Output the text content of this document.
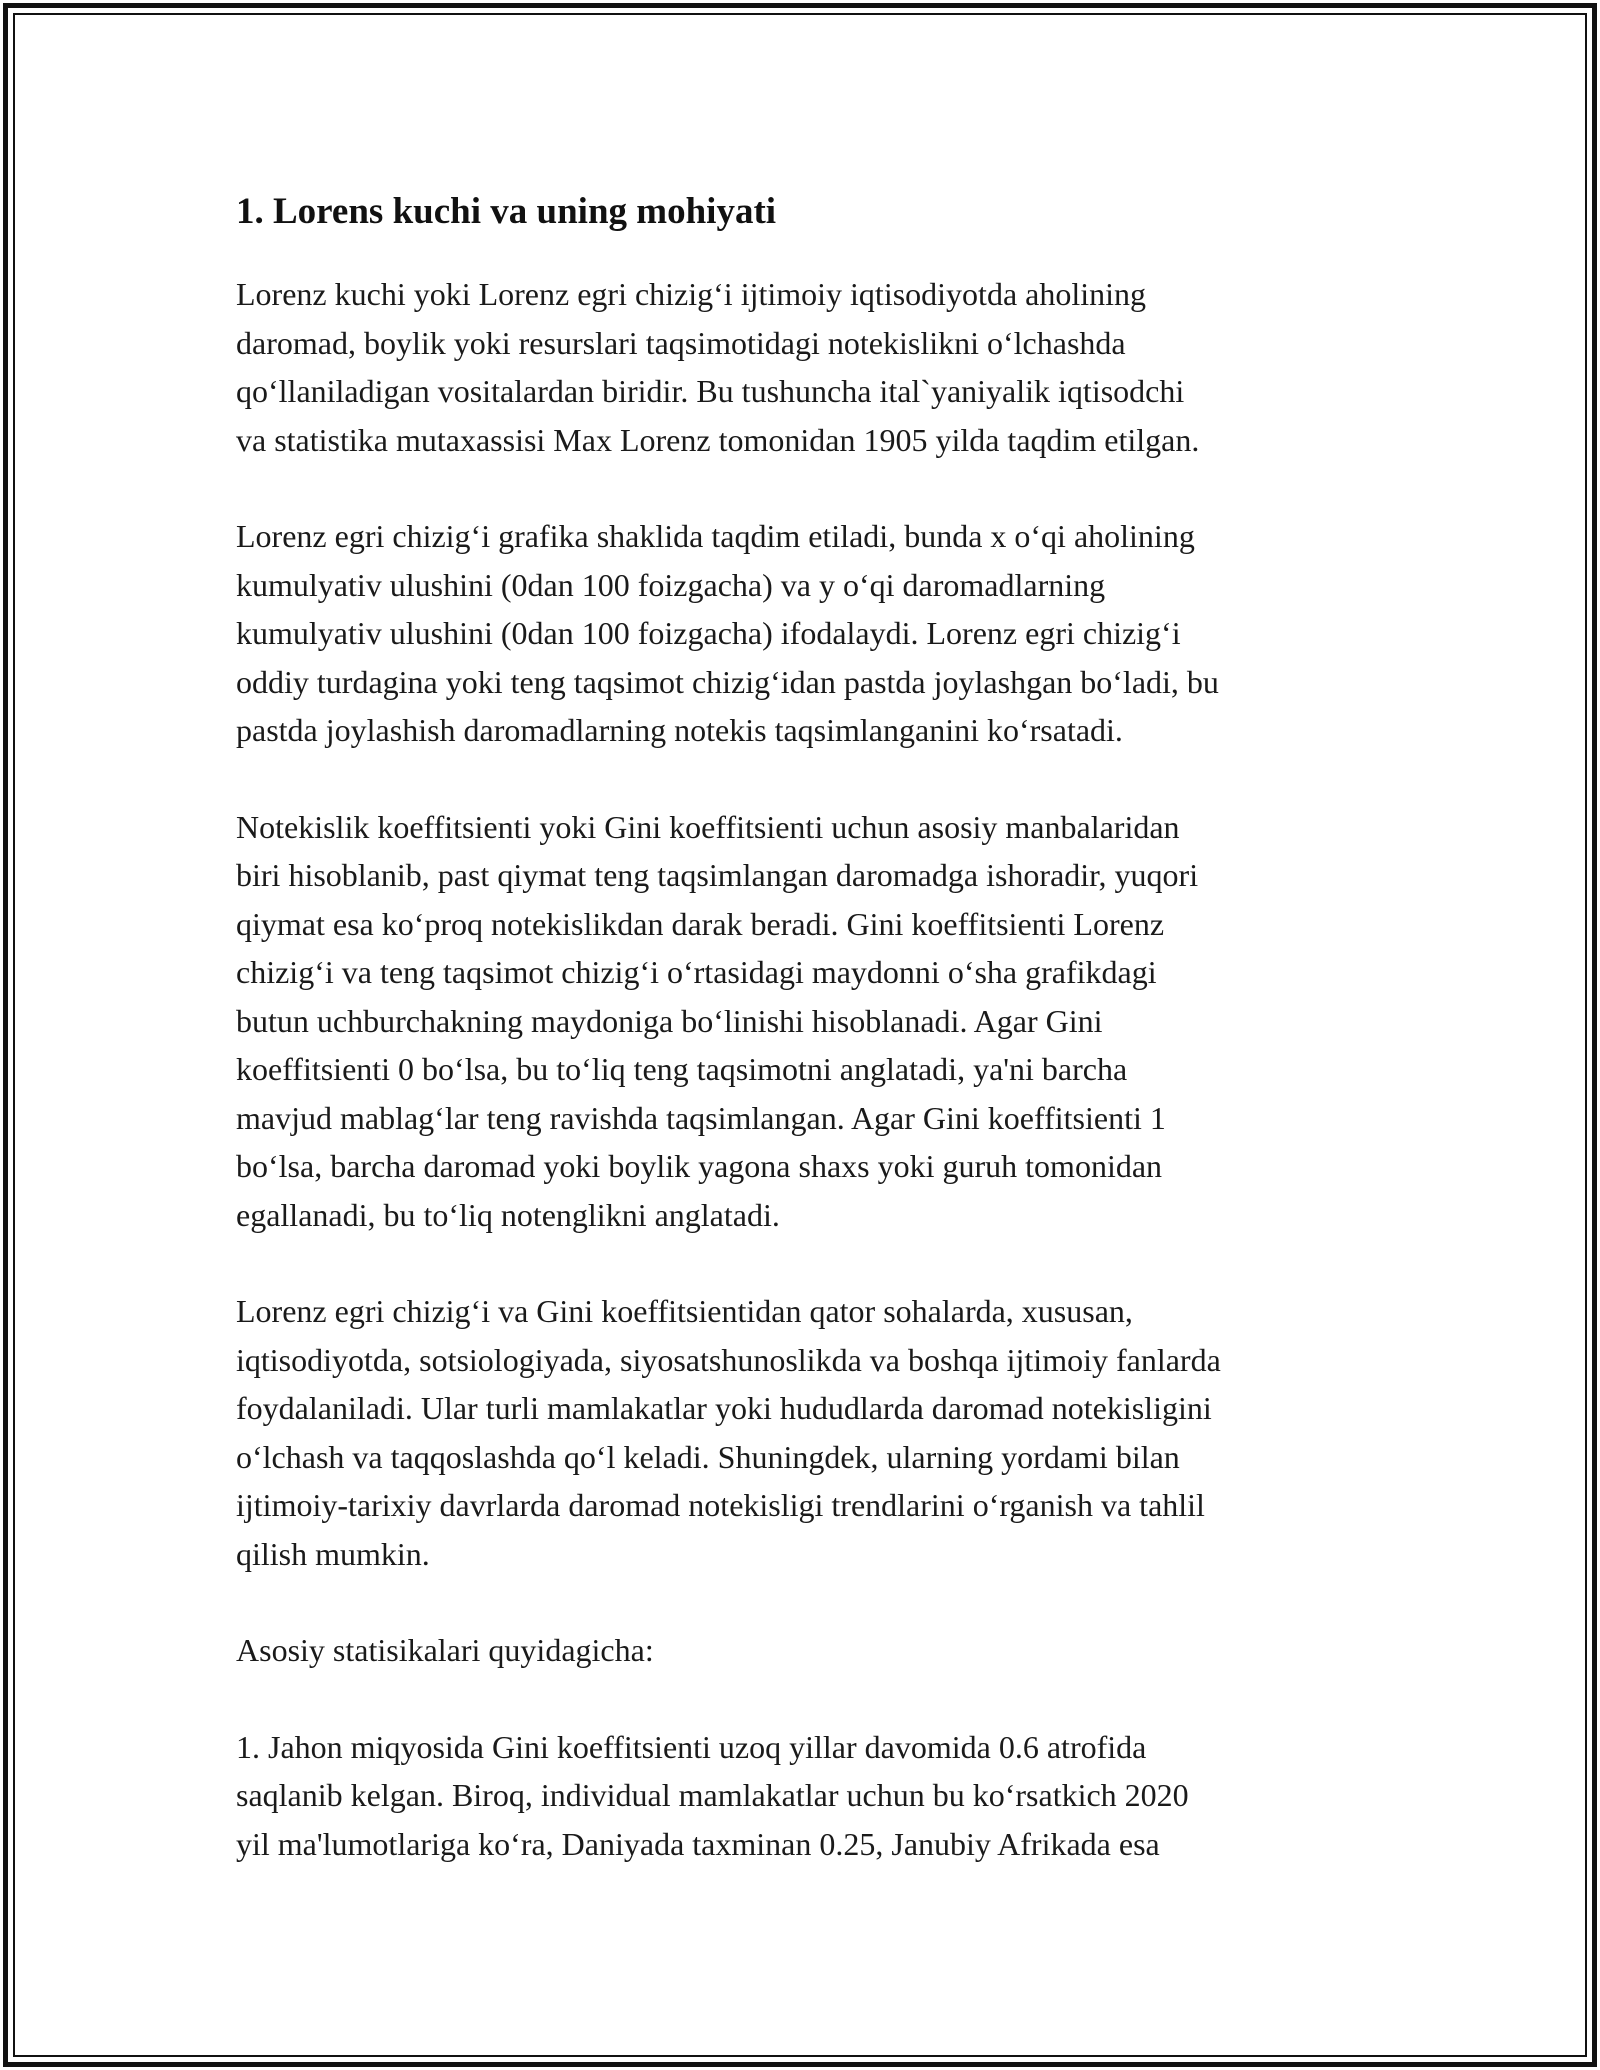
1. Lorens kuchi va uning mohiyati

Lorenz kuchi yoki Lorenz egri chizig‘i ijtimoiy iqtisodiyotda aholining
daromad, boylik yoki resurslari taqsimotidagi notekislikni o‘lchashda
qo‘llaniladigan vositalardan biridir. Bu tushuncha ital`yaniyalik iqtisodchi
va statistika mutaxassisi Max Lorenz tomonidan 1905 yilda taqdim etilgan.

Lorenz egri chizig‘i grafika shaklida taqdim etiladi, bunda x o‘qi aholining
kumulyativ ulushini (0dan 100 foizgacha) va y o‘qi daromadlarning
kumulyativ ulushini (0dan 100 foizgacha) ifodalaydi. Lorenz egri chizig‘i
oddiy turdagina yoki teng taqsimot chizig‘idan pastda joylashgan bo‘ladi, bu
pastda joylashish daromadlarning notekis taqsimlanganini ko‘rsatadi.

Notekislik koeffitsienti yoki Gini koeffitsienti uchun asosiy manbalaridan
biri hisoblanib, past qiymat teng taqsimlangan daromadga ishoradir, yuqori
qiymat esa ko‘proq notekislikdan darak beradi. Gini koeffitsienti Lorenz
chizig‘i va teng taqsimot chizig‘i o‘rtasidagi maydonni o‘sha grafikdagi
butun uchburchakning maydoniga bo‘linishi hisoblanadi. Agar Gini
koeffitsienti 0 bo‘lsa, bu to‘liq teng taqsimotni anglatadi, ya'ni barcha
mavjud mablag‘lar teng ravishda taqsimlangan. Agar Gini koeffitsienti 1
bo‘lsa, barcha daromad yoki boylik yagona shaxs yoki guruh tomonidan
egallanadi, bu to‘liq notenglikni anglatadi.

Lorenz egri chizig‘i va Gini koeffitsientidan qator sohalarda, xususan,
iqtisodiyotda, sotsiologiyada, siyosatshunoslikda va boshqa ijtimoiy fanlarda
foydalaniladi. Ular turli mamlakatlar yoki hududlarda daromad notekisligini
o‘lchash va taqqoslashda qo‘l keladi. Shuningdek, ularning yordami bilan
ijtimoiy-tarixiy davrlarda daromad notekisligi trendlarini o‘rganish va tahlil
qilish mumkin.

Asosiy statisikalari quyidagicha:

1. Jahon miqyosida Gini koeffitsienti uzoq yillar davomida 0.6 atrofida
saqlanib kelgan. Biroq, individual mamlakatlar uchun bu ko‘rsatkich 2020
yil ma'lumotlariga ko‘ra, Daniyada taxminan 0.25, Janubiy Afrikada esa
